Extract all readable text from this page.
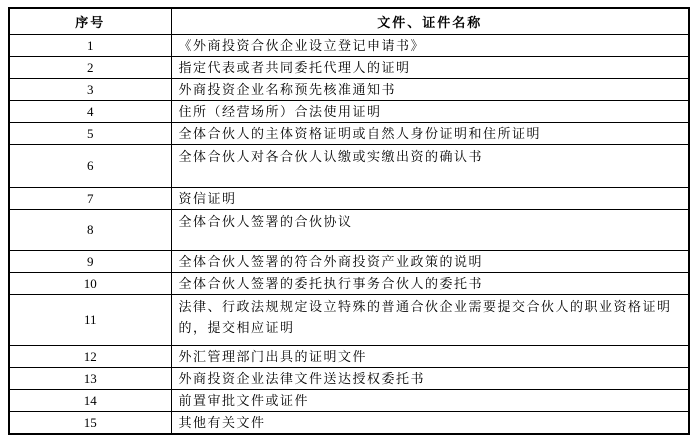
序号	文件、证件名称
1	《外商投资合伙企业设立登记申请书》
2	指定代表或者共同委托代理人的证明
3	外商投资企业名称预先核准通知书
4	住所（经营场所）合法使用证明
5	全体合伙人的主体资格证明或自然人身份证明和住所证明
6	全体合伙人对各合伙人认缴或实缴出资的确认书
7	资信证明
8	全体合伙人签署的合伙协议
9	全体合伙人签署的符合外商投资产业政策的说明
10	全体合伙人签署的委托执行事务合伙人的委托书
11	法律、行政法规规定设立特殊的普通合伙企业需要提交合伙人的职业资格证明的，提交相应证明
12	外汇管理部门出具的证明文件
13	外商投资企业法律文件送达授权委托书
14	前置审批文件或证件
15	其他有关文件
